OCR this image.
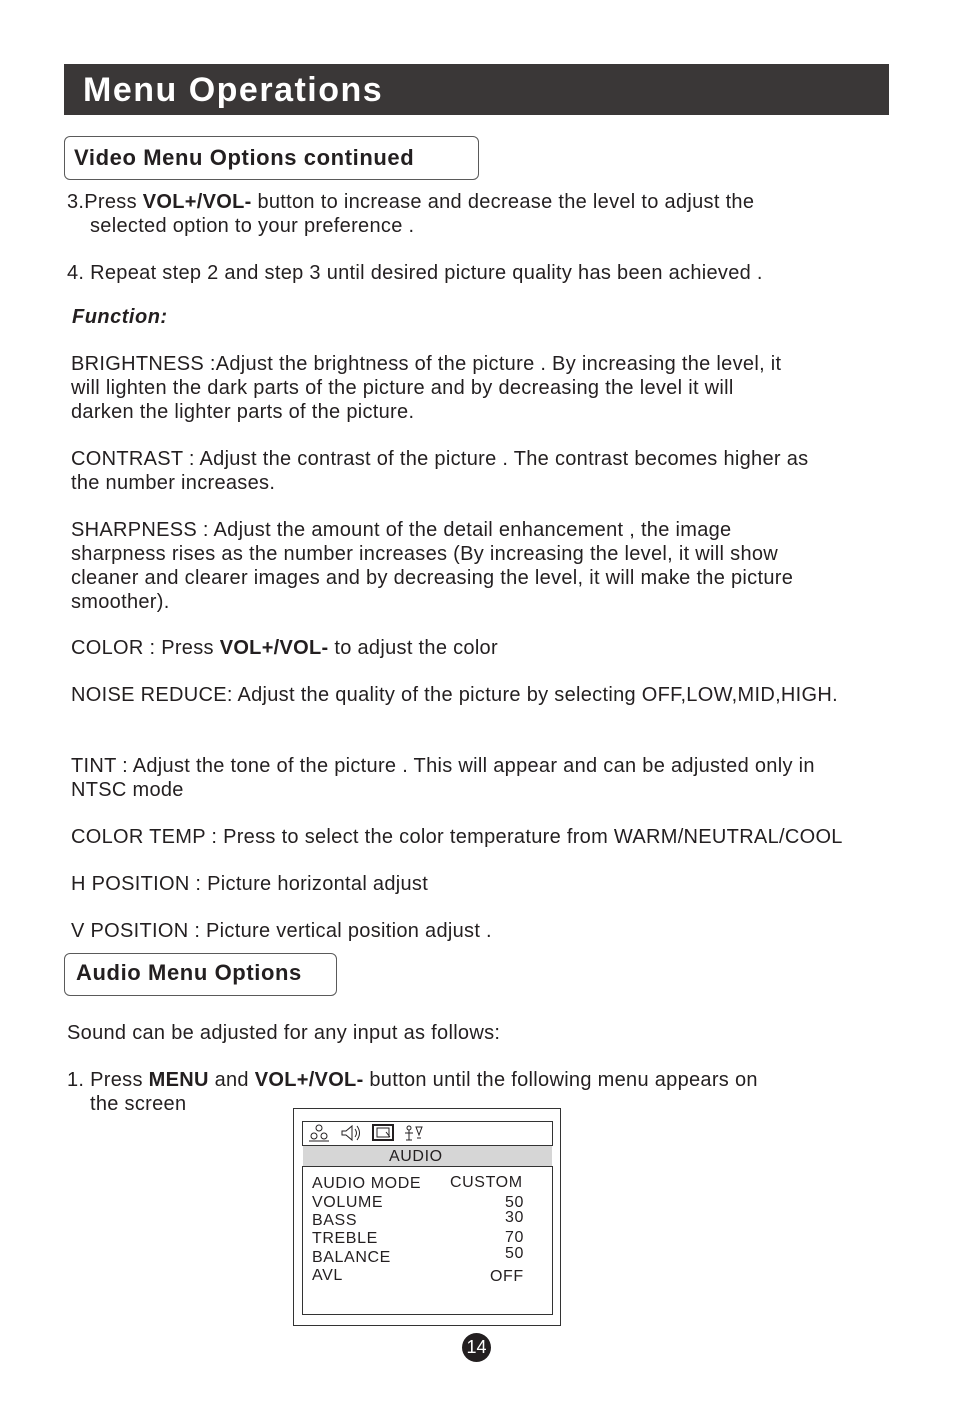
Menu Operations
Video Menu Options continued
3.Press VOL+/VOL- button to increase and decrease the level to adjust the
selected option to your preference .
4. Repeat step 2 and step 3 until desired picture quality has been achieved .
Function:
BRIGHTNESS :Adjust the brightness of the picture . By increasing the level, it
will lighten the dark parts of the picture and by decreasing the level it will
darken the lighter parts of the picture.
CONTRAST : Adjust the contrast of the picture . The contrast becomes higher as
the number increases.
SHARPNESS : Adjust the amount of the detail enhancement , the image
sharpness rises as the number increases (By increasing the level, it will show
cleaner and clearer images and by decreasing the level, it will make the picture
smoother).
COLOR : Press VOL+/VOL- to adjust the color
NOISE REDUCE: Adjust the quality of the picture by selecting OFF,LOW,MID,HIGH.
TINT : Adjust the tone of the picture . This will appear and can be adjusted only in
NTSC mode
COLOR TEMP : Press to select the color temperature from WARM/NEUTRAL/COOL
H POSITION : Picture horizontal adjust
V POSITION : Picture vertical position adjust .
Audio Menu Options
Sound can be adjusted for any input as follows:
1. Press MENU and VOL+/VOL- button until the following menu appears on
the screen
AUDIO
AUDIO MODE CUSTOM
VOLUME	50
BASS	30
TREBLE	70
BALANCE	50
AVL	OFF
14
